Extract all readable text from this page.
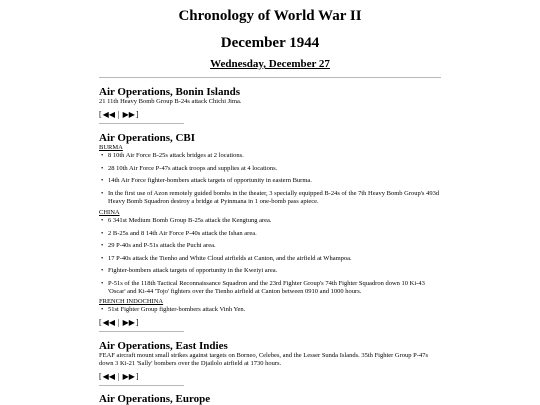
Chronology of World War II
December 1944
Wednesday, December 27
Air Operations, Bonin Islands
21 11th Heavy Bomb Group B-24s attack Chichi Jima.
[◀◀ | ▶▶]
Air Operations, CBI
BURMA
• 8 10th Air Force B-25s attack bridges at 2 locations.
• 28 10th Air Force P-47s attack troops and supplies at 4 locations.
• 14th Air Force fighter-bombers attack targets of opportunity in eastern Burma.
• In the first use of Azon remotely guided bombs in the theater, 3 specially equipped B-24s of the 7th Heavy Bomb Group's 493d Heavy Bomb Squadron destroy a bridge at Pyinmana in 1 one-bomb pass apiece.
CHINA
• 6 341st Medium Bomb Group B-25s attack the Kengtung area.
• 2 B-25s and 8 14th Air Force P-40s attack the Ishan area.
• 29 P-40s and P-51s attack the Puchi area.
• 17 P-40s attack the Tienho and White Cloud airfields at Canton, and the airfield at Whampoa.
• Fighter-bombers attack targets of opportunity in the Kweiyi area.
• P-51s of the 118th Tactical Reconnaissance Squadron and the 23rd Fighter Group's 74th Fighter Squadron down 10 Ki-43 'Oscar' and Ki-44 'Tojo' fighters over the Tienho airfield at Canton between 0910 and 1000 hours.
FRENCH INDOCHINA
• 51st Fighter Group fighter-bombers attack Vinh Yen.
[◀◀ | ▶▶]
Air Operations, East Indies
FEAF aircraft mount small strikes against targets on Borneo, Celebes, and the Lesser Sunda Islands. 35th Fighter Group P-47s down 3 Ki-21 'Sally' bombers over the Djailolo airfield at 1730 hours.
[◀◀ | ▶▶]
Air Operations, Europe
